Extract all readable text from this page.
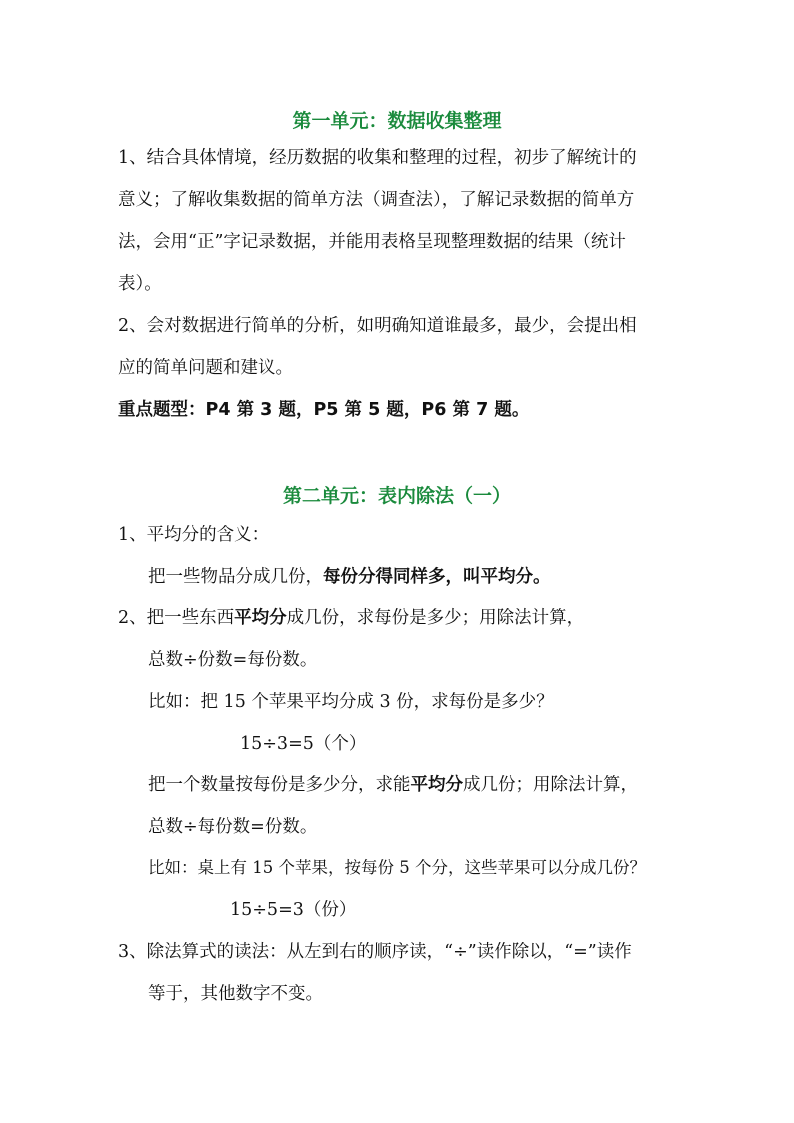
第一单元：数据收集整理
1、结合具体情境，经历数据的收集和整理的过程，初步了解统计的
意义；了解收集数据的简单方法（调查法），了解记录数据的简单方
法，会用“正”字记录数据，并能用表格呈现整理数据的结果（统计
表）。
2、会对数据进行简单的分析，如明确知道谁最多，最少，会提出相
应的简单问题和建议。
重点题型：P4 第 3 题，P5 第 5 题，P6 第 7 题。
第二单元：表内除法（一）
1、平均分的含义：
把一些物品分成几份，每份分得同样多，叫平均分。
2、把一些东西平均分成几份，求每份是多少；用除法计算，
总数÷份数=每份数。
比如：把 15 个苹果平均分成 3 份，求每份是多少？
15÷3=5（个）
把一个数量按每份是多少分，求能平均分成几份；用除法计算，
总数÷每份数=份数。
比如：桌上有 15 个苹果，按每份 5 个分，这些苹果可以分成几份？
15÷5=3（份）
3、除法算式的读法：从左到右的顺序读，“÷”读作除以，“=”读作
等于，其他数字不变。
